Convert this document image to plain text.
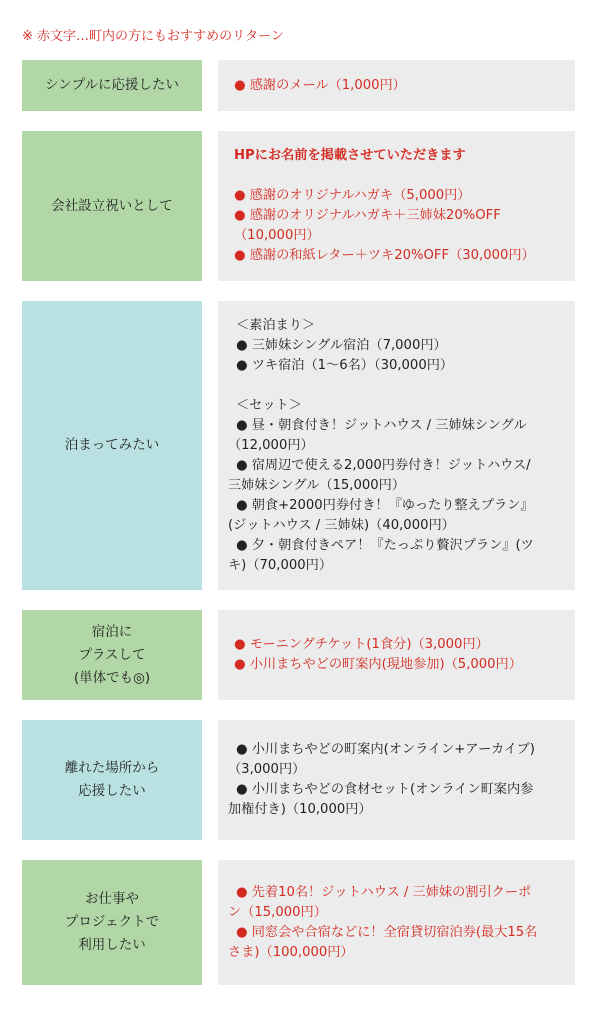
※ 赤文字…町内の方にもおすすめのリターン
シンプルに応援したい	● 感謝のメール（1,000円）
会社設立祝いとして
HPにお名前を掲載させていただきます
● 感謝のオリジナルハガキ（5,000円）
● 感謝のオリジナルハガキ＋三姉妹20%OFF
（10,000円）
● 感謝の和紙レター＋ツキ20%OFF（30,000円）
泊まってみたい
＜素泊まり＞
● 三姉妹シングル宿泊（7,000円）
● ツキ宿泊（1〜6名）（30,000円）
＜セット＞
● 昼・朝食付き！ジットハウス / 三姉妹シングル
（12,000円）
● 宿周辺で使える2,000円券付き！ジットハウス/
三姉妹シングル（15,000円）
● 朝食+2000円券付き！『ゆったり整えプラン』
(ジットハウス / 三姉妹)（40,000円）
● 夕・朝食付きペア！『たっぷり贅沢プラン』(ツ
キ)（70,000円）
宿泊に
プラスして
(単体でも◎)
● モーニングチケット(1食分)（3,000円）
● 小川まちやどの町案内(現地参加)（5,000円）
離れた場所から
応援したい
● 小川まちやどの町案内(オンライン+アーカイブ)
（3,000円）
● 小川まちやどの食材セット(オンライン町案内参
加権付き)（10,000円）
お仕事や
プロジェクトで
利用したい
● 先着10名！ジットハウス / 三姉妹の割引クーポ
ン（15,000円）
● 同窓会や合宿などに！全宿貸切宿泊券(最大15名
さま)（100,000円）
